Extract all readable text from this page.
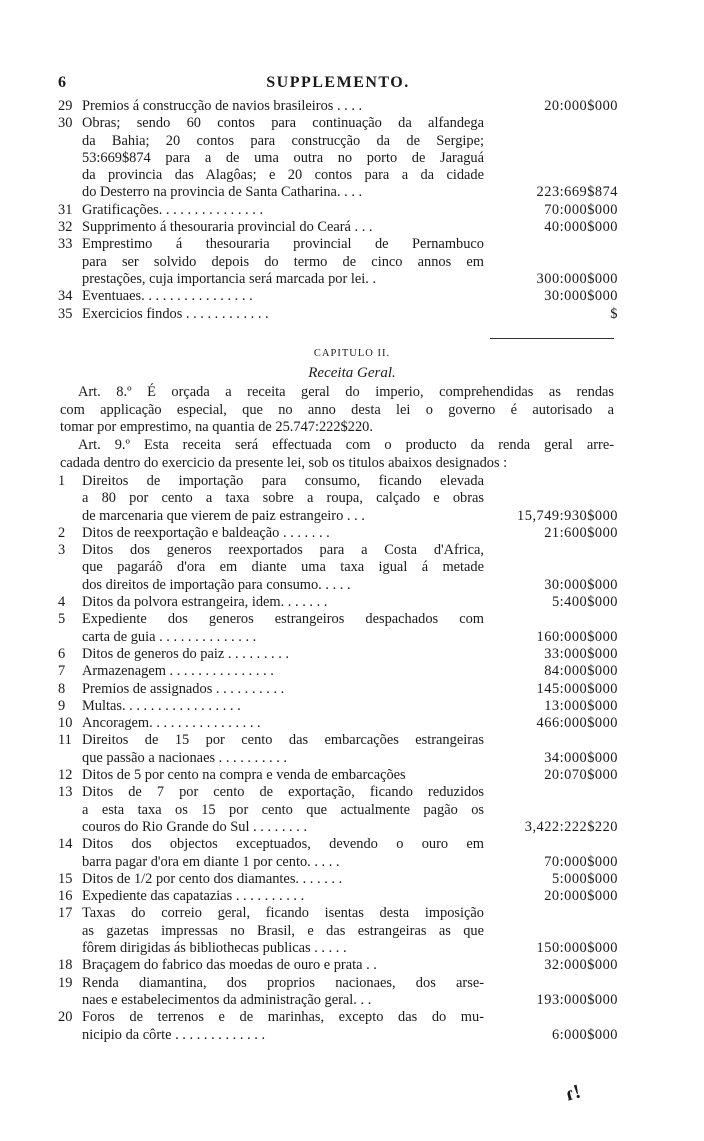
6	SUPPLEMENTO.
29 Premios á construcção de navios brasileiros . . . .	20:000$000
30 Obras; sendo 60 contos para continuação da alfandega
da Bahia; 20 contos para construcção da de Sergipe;
53:669$874 para a de uma outra no porto de Jaraguá
da provincia das Alagôas; e 20 contos para a da cidade
do Desterro na provincia de Santa Catharina. . . .	223:669$874
31 Gratificações. . . . . . . . . . . . . . .	70:000$000
32 Supprimento á thesouraria provincial do Ceará . . .	40:000$000
33 Emprestimo á thesouraria provincial de Pernambuco
para ser solvido depois do termo de cinco annos em
prestações, cuja importancia será marcada por lei. .	300:000$000
34 Eventuaes. . . . . . . . . . . . . . . .	30:000$000
35 Exercicios findos . . . . . . . . . . . .	$
CAPITULO II.
Receita Geral.
Art. 8.º É orçada a receita geral do imperio, comprehendidas as rendas
com applicação especial, que no anno desta lei o governo é autorisado a
tomar por emprestimo, na quantia de 25.747:222$220.
Art. 9.º Esta receita será effectuada com o producto da renda geral arre-
cadada dentro do exercicio da presente lei, sob os titulos abaixos designados :
1	Direitos de importação para consumo, ficando elevada
a 80 por cento a taxa sobre a roupa, calçado e obras
de marcenaria que vierem de paiz estrangeiro . . .	15,749:930$000
2	Ditos de reexportação e baldeação . . . . . . .	21:600$000
3	Ditos dos generos reexportados para a Costa d'Africa,
que pagaráõ d'ora em diante uma taxa igual á metade
dos direitos de importação para consumo. . . . .	30:000$000
4	Ditos da polvora estrangeira, idem. . . . . . .	5:400$000
5	Expediente dos generos estrangeiros despachados com
carta de guia . . . . . . . . . . . . . .	160:000$000
6	Ditos de generos do paiz . . . . . . . . .	33:000$000
7	Armazenagem . . . . . . . . . . . . . . .	84:000$000
8	Premios de assignados . . . . . . . . . .	145:000$000
9	Multas. . . . . . . . . . . . . . . . .	13:000$000
10 Ancoragem. . . . . . . . . . . . . . . .	466:000$000
11 Direitos de 15 por cento das embarcações estrangeiras
que passão a nacionaes . . . . . . . . . .	34:000$000
12 Ditos de 5 por cento na compra e venda de embarcações	20:070$000
13 Ditos de 7 por cento de exportação, ficando reduzidos
a esta taxa os 15 por cento que actualmente pagão os
couros do Rio Grande do Sul . . . . . . . .	3,422:222$220
14 Ditos dos objectos exceptuados, devendo o ouro em
barra pagar d'ora em diante 1 por cento. . . . .	70:000$000
15 Ditos de 1/2 por cento dos diamantes. . . . . . .	5:000$000
16 Expediente das capatazias . . . . . . . . . .	20:000$000
17 Taxas do correio geral, ficando isentas desta imposição
as gazetas impressas no Brasil, e das estrangeiras as que
fôrem dirigidas ás bibliothecas publicas . . . . .	150:000$000
18 Braçagem do fabrico das moedas de ouro e prata . .	32:000$000
19 Renda diamantina, dos proprios nacionaes, dos arse-
naes e estabelecimentos da administração geral. . .	193:000$000
20 Foros de terrenos e de marinhas, excepto das do mu-
nicipio da côrte . . . . . . . . . . . . .	6:000$000
ɾ!
